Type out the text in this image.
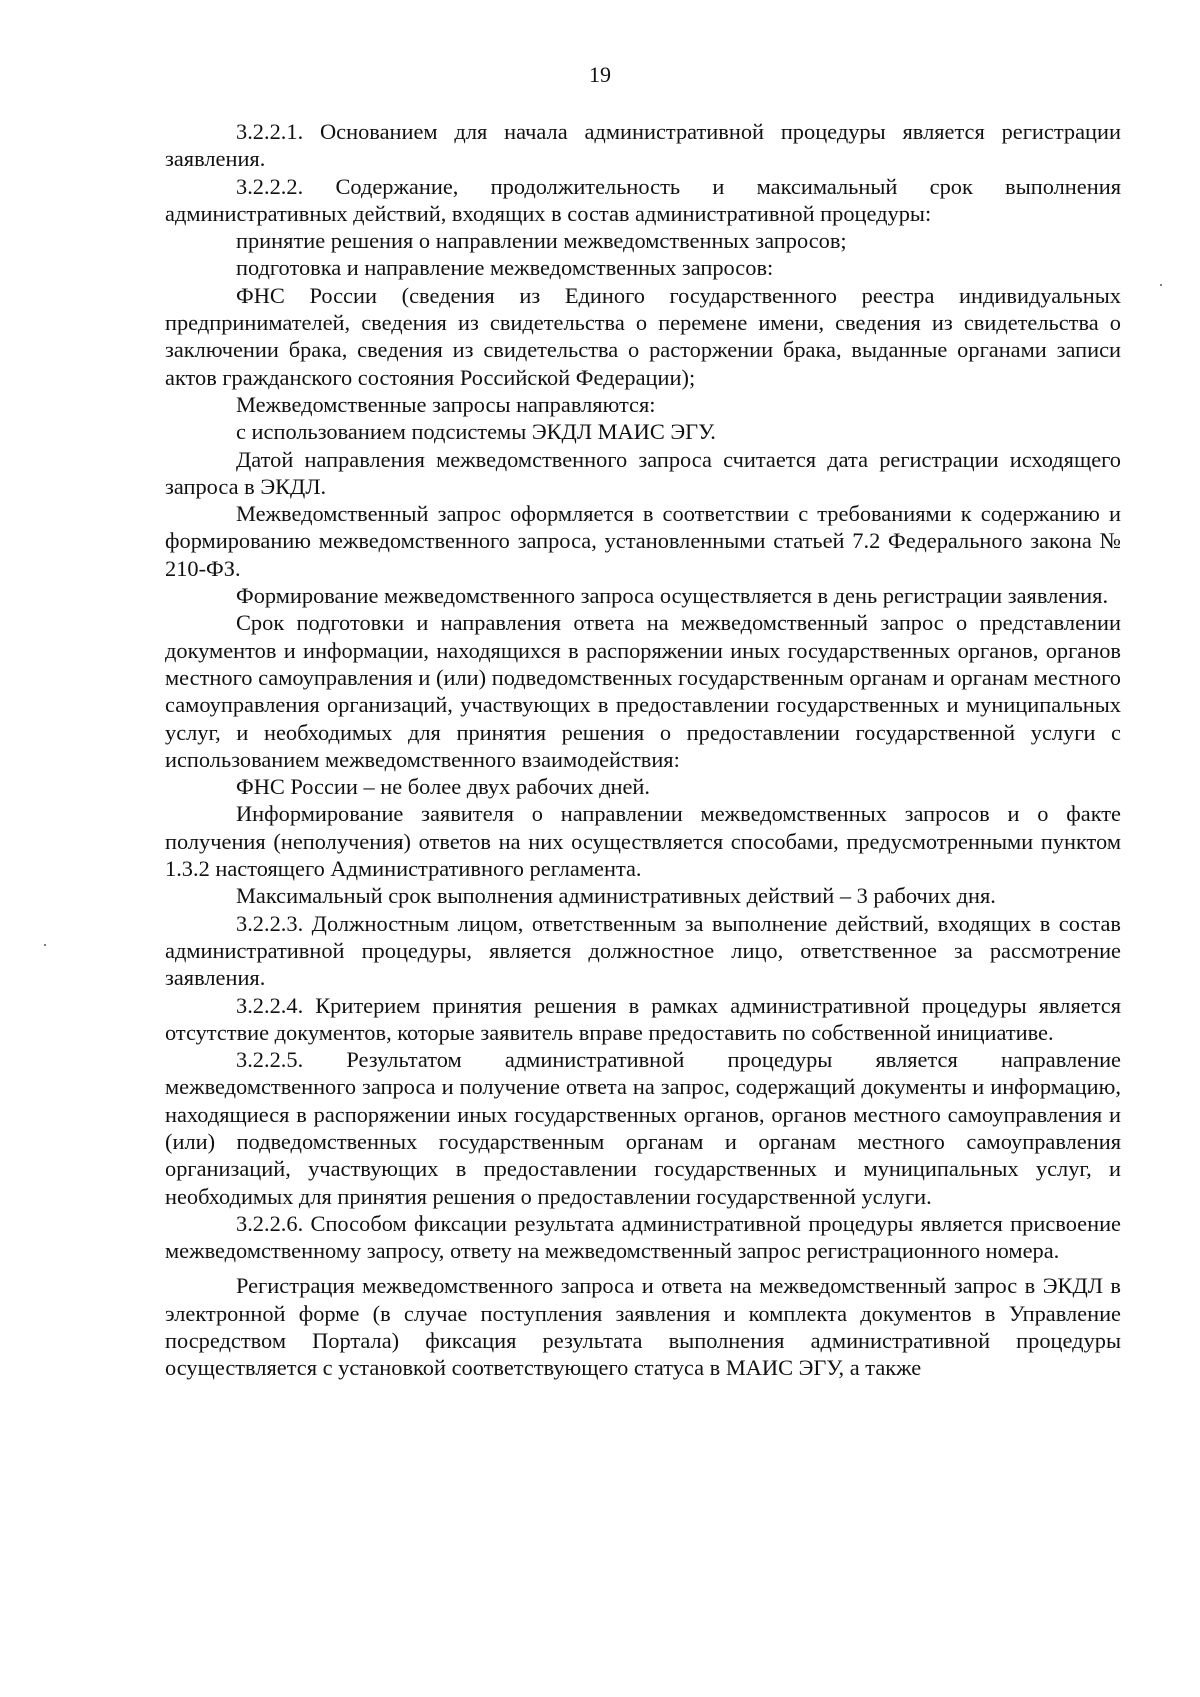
19

3.2.2.1. Основанием для начала административной процедуры является регистрации заявления.

3.2.2.2. Содержание, продолжительность и максимальный срок выполнения административных действий, входящих в состав административной процедуры:

принятие решения о направлении межведомственных запросов;

подготовка и направление межведомственных запросов:

ФНС России (сведения из Единого государственного реестра индивидуальных предпринимателей, сведения из свидетельства о перемене имени, сведения из свидетельства о заключении брака, сведения из свидетельства о расторжении брака, выданные органами записи актов гражданского состояния Российской Федерации);

Межведомственные запросы направляются:

с использованием подсистемы ЭКДЛ МАИС ЭГУ.

Датой направления межведомственного запроса считается дата регистрации исходящего запроса в ЭКДЛ.

Межведомственный запрос оформляется в соответствии с требованиями к содержанию и формированию межведомственного запроса, установленными статьей 7.2 Федерального закона № 210-ФЗ.

Формирование межведомственного запроса осуществляется в день регистрации заявления.

Срок подготовки и направления ответа на межведомственный запрос о представлении документов и информации, находящихся в распоряжении иных государственных органов, органов местного самоуправления и (или) подведомственных государственным органам и органам местного самоуправления организаций, участвующих в предоставлении государственных и муниципальных услуг, и необходимых для принятия решения о предоставлении государственной услуги с использованием межведомственного взаимодействия:

ФНС России – не более двух рабочих дней.

Информирование заявителя о направлении межведомственных запросов и о факте получения (неполучения) ответов на них осуществляется способами, предусмотренными пунктом 1.3.2 настоящего Административного регламента.

Максимальный срок выполнения административных действий – 3 рабочих дня.

3.2.2.3. Должностным лицом, ответственным за выполнение действий, входящих в состав административной процедуры, является должностное лицо, ответственное за рассмотрение заявления.

3.2.2.4. Критерием принятия решения в рамках административной процедуры является отсутствие документов, которые заявитель вправе предоставить по собственной инициативе.

3.2.2.5. Результатом административной процедуры является направление межведомственного запроса и получение ответа на запрос, содержащий документы и информацию, находящиеся в распоряжении иных государственных органов, органов местного самоуправления и (или) подведомственных государственным органам и органам местного самоуправления организаций, участвующих в предоставлении государственных и муниципальных услуг, и необходимых для принятия решения о предоставлении государственной услуги.

3.2.2.6. Способом фиксации результата административной процедуры является присвоение межведомственному запросу, ответу на межведомственный запрос регистрационного номера.

Регистрация межведомственного запроса и ответа на межведомственный запрос в ЭКДЛ в электронной форме (в случае поступления заявления и комплекта документов в Управление посредством Портала) фиксация результата выполнения административной процедуры осуществляется с установкой соответствующего статуса в МАИС ЭГУ, а также
